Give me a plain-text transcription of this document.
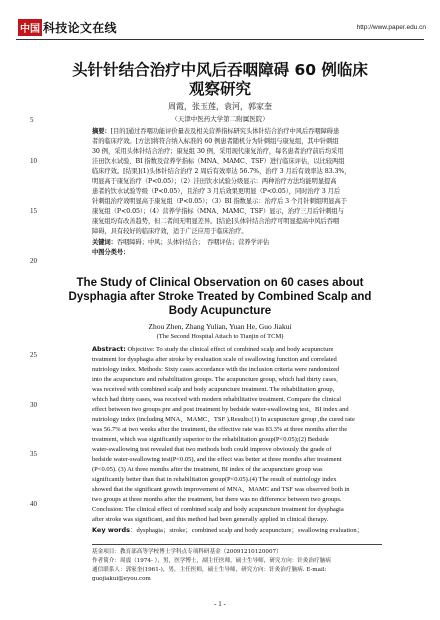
中国 科技论文在线	http://www.paper.edu.cn
5
10
15
20
25
30
35
40
头针针结合治疗中风后吞咽障碍 60 例临床
观察研究
周霞，张玉莲，袁河，郭家奎
（天津中医药大学第二附属医院）
摘要：[目的]通过吞咽功能评价量表及相关营养指标研究头体针结合治疗中风后吞咽障碍患
者的临床疗效。[方法]将符合纳入标准的 60 例患者随机分为针刺组与康复组，其中针刺组
30 例，采用头体针结合治疗；康复组 30 例，采用现代康复治疗，每名患者治疗前后均采用
洼田饮水试验、BI 指数及营养学指标（MNA、MAMC、TSF）进行临床评估，以比较两组
临床疗效。[结果](1)头体针结合治疗 2 周后有效率达 56.7%，治疗 3 月后有效率达 83.3%，
明显高于康复治疗（P<0.05）；（2）洼田饮水试验分级显示：两种治疗方法均能明显提高
患者的饮水试验等级（P<0.05），且治疗 3 月后效果更明显（P<0.05），同时治疗 3 月后
针刺组治疗效明显高于康复组（P<0.05）；（3）BI 指数显示：治疗后 3 个月针刺组明显高于
康复组（P<0.05）；（4）营养学指标（MNA、MAMC、TSF）显示，治疗三月后针刺组与
康复组均有改善趋势，但二者间无明显差异。[结论]头体针结合治疗可明显提高中风后吞咽
障碍，具有较好的临床疗效，适于广泛应用于临床治疗。
关键词：吞咽障碍；中风；头体针结合；　吞咽评估；营养学评估
中图分类号：
The Study of Clinical Observation on 60 cases about
Dysphagia after Stroke Treated by Combined Scalp and
Body Acupuncture
Zhou Zhen, Zhang Yulian, Yuan He, Guo Jiakui
(The Second Hospital Attach to Tianjin of TCM)
Abstract: Objective: To study the clinical effect of combined scalp and body acupuncture
treatment for dysphagia after stroke by evaluation scale of swallowing function and correlated
nutriology index. Methods: Sixty cases accordance with the inclusion criteria were randomized
into the acupuncture and rehabilitation groups. The acupuncture group, which had thirty cases,
was received with combined scalp and body acupuncture treatment. The rehabilitation group,
which had thirty cases, was received with modern rehabilitative treatment. Compare the clinical
effect between two groups pre and post treatment by bedside water-swallowing test、BI index and
nutriology index (including MNA、MAMC、TSF ).Results:(1) In acupuncture group ,the cured rate
was 56.7% at two weeks after the treatment, the effective rate was 83.3% at three months after the
treatment, which was significantly superior to the rehabilitation group(P<0.05);(2) Bedside
water-swallowing test revealed that two methods both could improve obviously the grade of
bedside water-swallowing test(P<0.05), and the effect was better at three months after treatment
(P<0.05). (3) At three months after the treatment, BI index of the acupuncture group was
significantly better than that in rehabilitation group(P<0.05).(4) The result of nutriology index
showed that the significant growth improvement of MNA、MAMC and TSF was observed both in
two groups at three months after the treatment, but there was no difference between two groups.
Conclusion: The clinical effect of combined scalp and body acupuncture treatment for dysphagia
after stroke was significant, and this method had been generally applied in clinical therapy.
Key words：dysphagia；stroke；combined scalp and body acupuncture；swallowing evaluation；
基金项目：教育部高等学校博士学科点专项科研基金（20091210120007）
作者简介：周震（1974- ），男，医学博士，副主任医师，硕士生导师，研究方向：针灸治疗脑病
通信联系人：郭家奎(1961-)，男，主任医师，硕士生导师，研究方向：针灸治疗脑病. E-mail:
guojiakui@eyou.com
- 1 -
